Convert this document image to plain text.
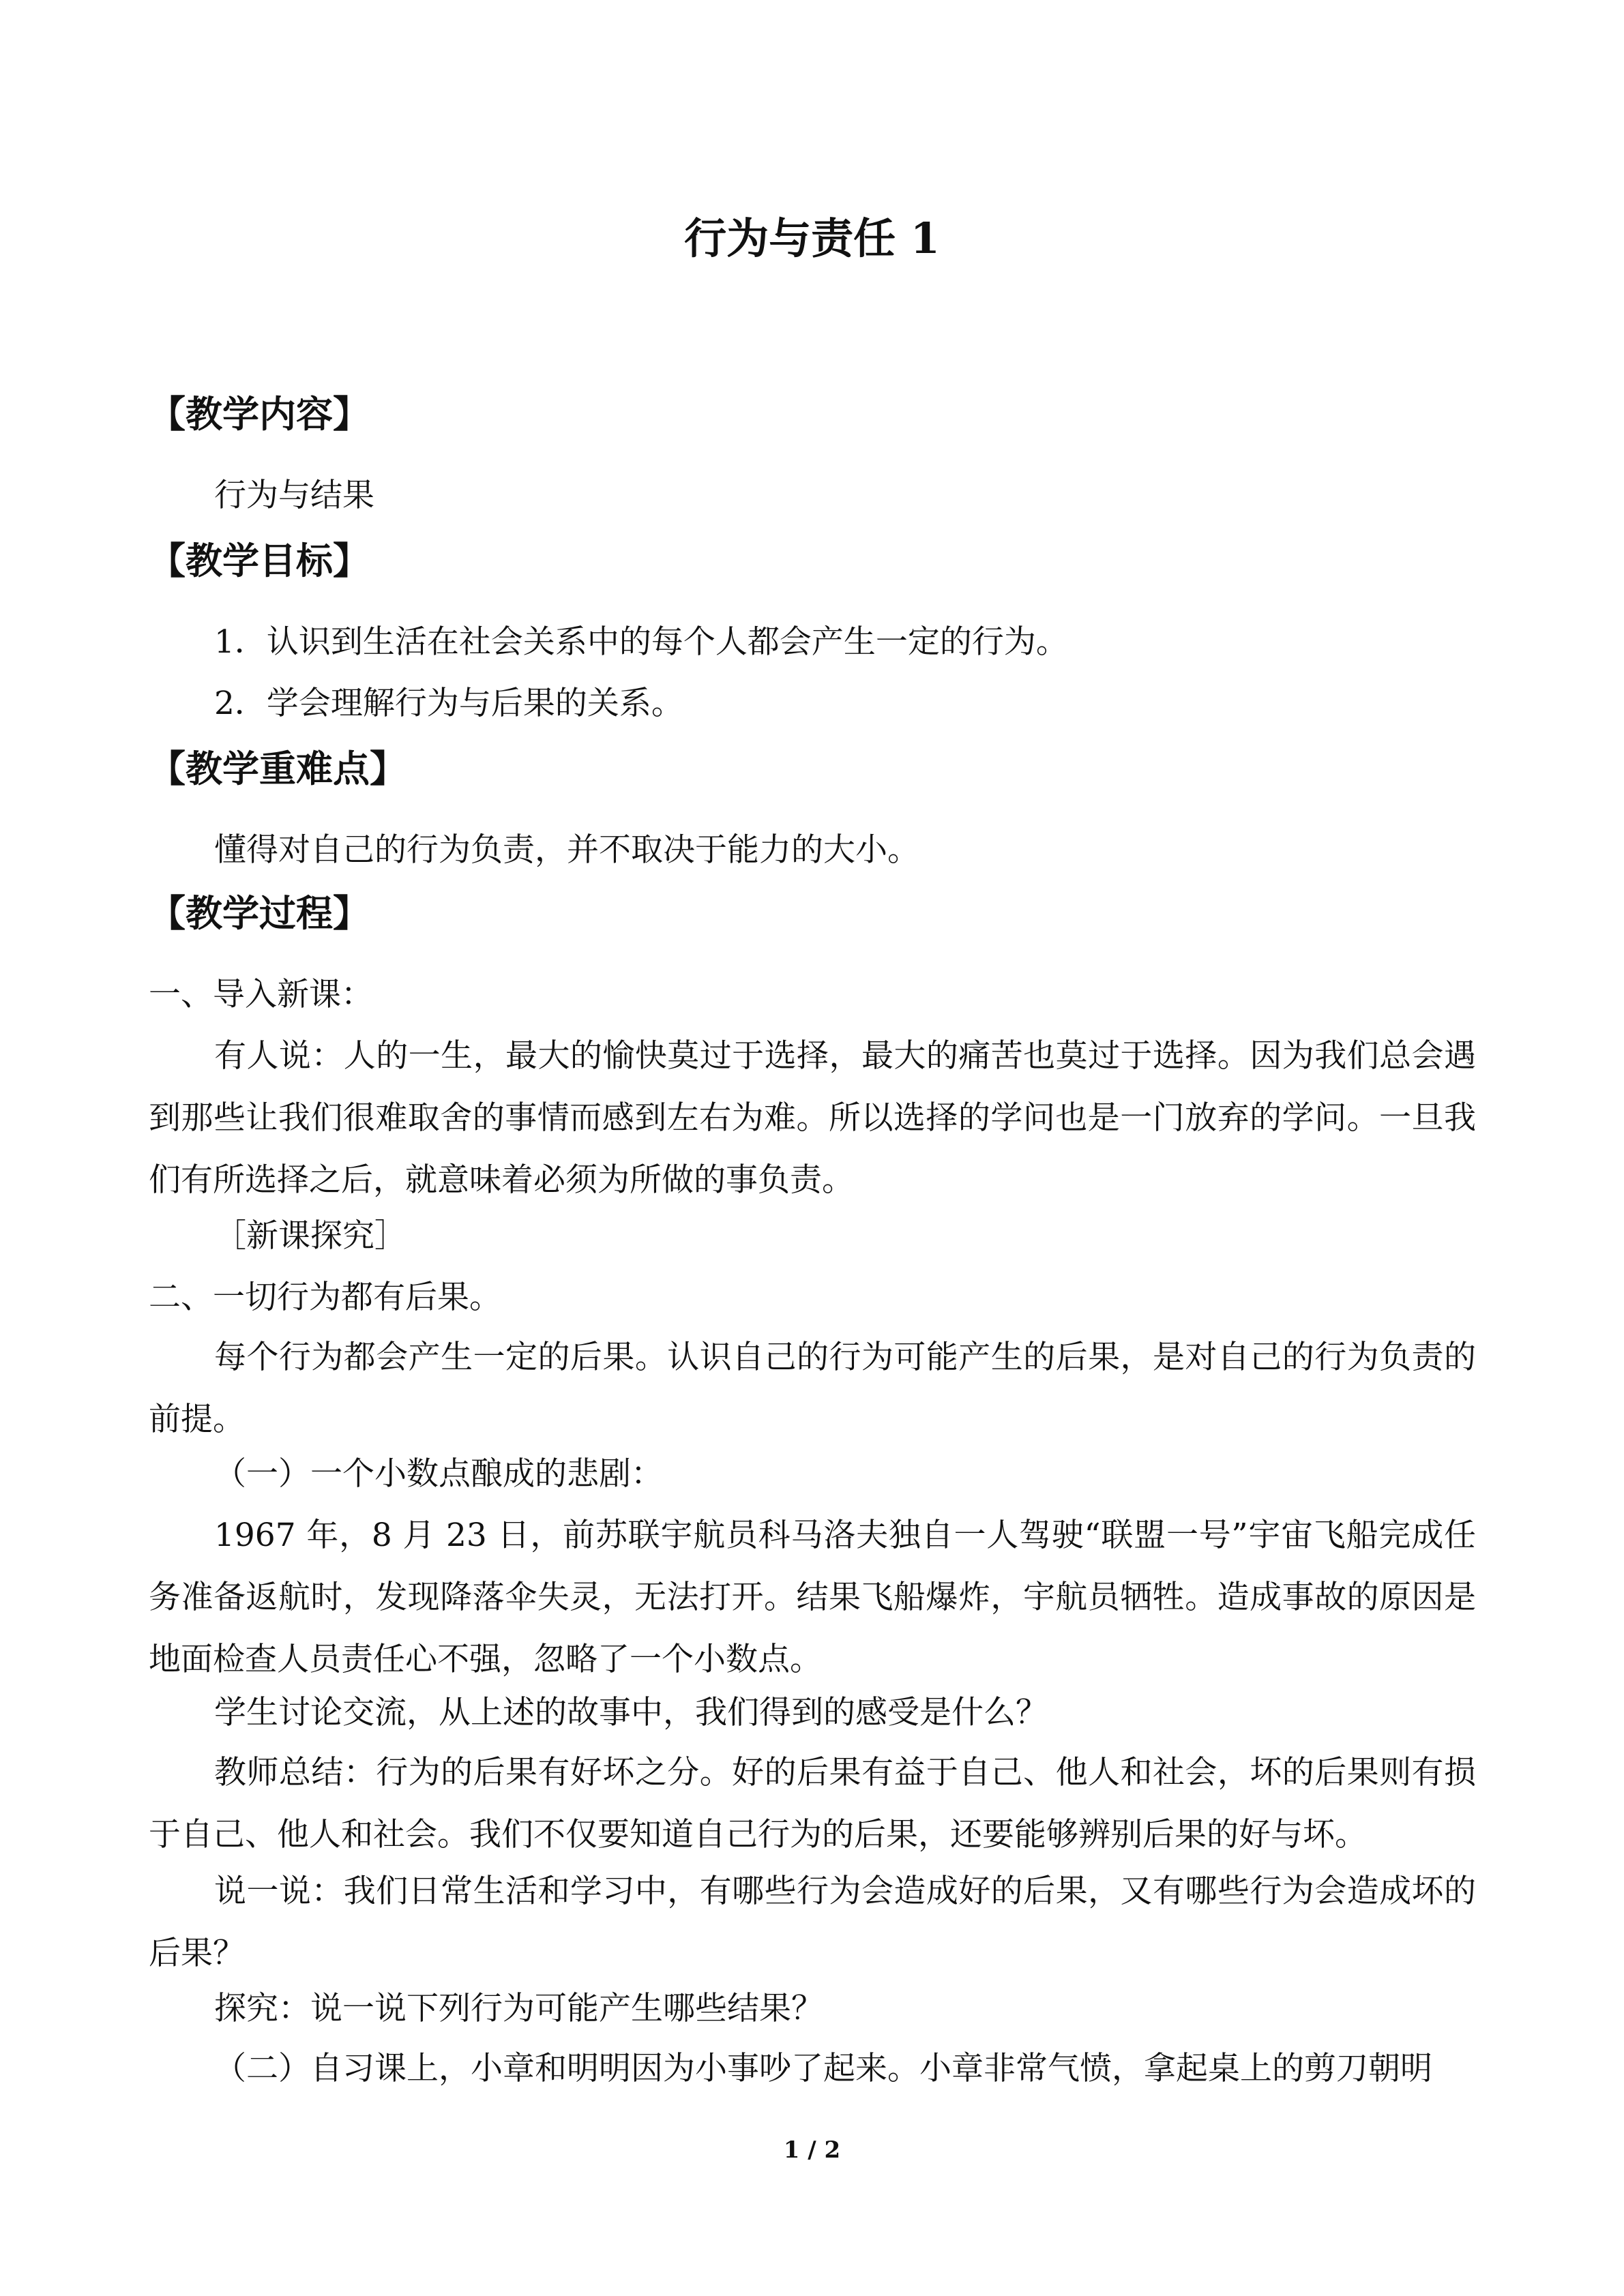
行为与责任 1
【教学内容】
行为与结果
【教学目标】
1．认识到生活在社会关系中的每个人都会产生一定的行为。
2．学会理解行为与后果的关系。
【教学重难点】
懂得对自己的行为负责，并不取决于能力的大小。
【教学过程】
一、导入新课：
有人说：人的一生，最大的愉快莫过于选择，最大的痛苦也莫过于选择。因为我们总会遇到那些让我们很难取舍的事情而感到左右为难。所以选择的学问也是一门放弃的学问。一旦我们有所选择之后，就意味着必须为所做的事负责。
［新课探究］
二、一切行为都有后果。
每个行为都会产生一定的后果。认识自己的行为可能产生的后果，是对自己的行为负责的前提。
（一）一个小数点酿成的悲剧：
1967 年，8 月 23 日，前苏联宇航员科马洛夫独自一人驾驶“联盟一号”宇宙飞船完成任务准备返航时，发现降落伞失灵，无法打开。结果飞船爆炸，宇航员牺牲。造成事故的原因是地面检查人员责任心不强，忽略了一个小数点。
学生讨论交流，从上述的故事中，我们得到的感受是什么？
教师总结：行为的后果有好坏之分。好的后果有益于自己、他人和社会，坏的后果则有损于自己、他人和社会。我们不仅要知道自己行为的后果，还要能够辨别后果的好与坏。
说一说：我们日常生活和学习中，有哪些行为会造成好的后果，又有哪些行为会造成坏的后果？
探究：说一说下列行为可能产生哪些结果？
（二）自习课上，小章和明明因为小事吵了起来。小章非常气愤，拿起桌上的剪刀朝明
1 / 2
